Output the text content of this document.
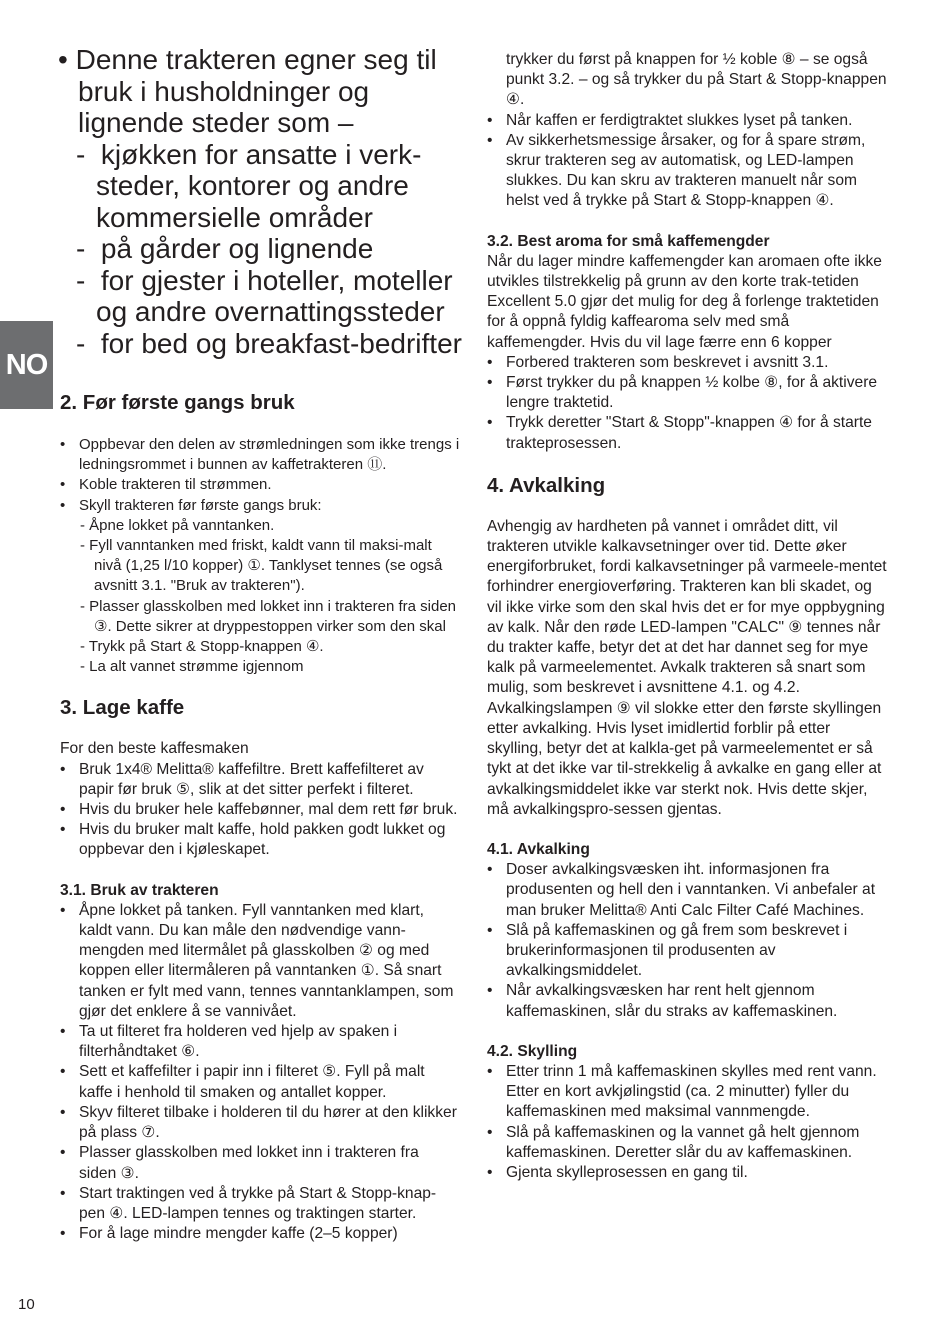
NO
10
• Denne trakteren egner seg til bruk i husholdninger og lignende steder som –
-  kjøkken for ansatte i verk-steder, kontorer og andre kommersielle områder
-  på gårder og lignende
-  for gjester i hoteller, moteller og andre overnattingssteder
-  for bed og breakfast-bedrifter
2. Før første gangs bruk
• Oppbevar den delen av strømledningen som ikke trengs i ledningsrommet i bunnen av kaffetrakteren ⑪.
• Koble trakteren til strømmen.
• Skyll trakteren før første gangs bruk:
- Åpne lokket på vanntanken.
- Fyll vanntanken med friskt, kaldt vann til maksi-malt nivå (1,25 l/10 kopper) ①. Tanklyset tennes (se også avsnitt 3.1. "Bruk av trakteren").
- Plasser glasskolben med lokket inn i trakteren fra siden ③. Dette sikrer at dryppestoppen virker som den skal
- Trykk på Start & Stopp-knappen ④.
- La alt vannet strømme igjennom
3. Lage kaffe

For den beste kaffesmaken

• Bruk 1x4® Melitta® kaffefiltre. Brett kaffefilteret av papir før bruk ⑤, slik at det sitter perfekt i filteret.
• Hvis du bruker hele kaffebønner, mal dem rett før bruk.
• Hvis du bruker malt kaffe, hold pakken godt lukket og oppbevar den i kjøleskapet.
3.1. Bruk av trakteren
• Åpne lokket på tanken. Fyll vanntanken med klart, kaldt vann. Du kan måle den nødvendige vann-mengden med litermålet på glasskolben ② og med koppen eller litermåleren på vanntanken ①. Så snart tanken er fylt med vann, tennes vanntanklampen, som gjør det enklere å se vannivået.
• Ta ut filteret fra holderen ved hjelp av spaken i filterhåndtaket ⑥.
• Sett et kaffefilter i papir inn i filteret ⑤. Fyll på malt kaffe i henhold til smaken og antallet kopper.
• Skyv filteret tilbake i holderen til du hører at den klikker på plass ⑦.
• Plasser glasskolben med lokket inn i trakteren fra siden ③.
• Start traktingen ved å trykke på Start & Stopp-knap-pen ④. LED-lampen tennes og traktingen starter.
• For å lage mindre mengder kaffe (2–5 kopper)

trykker du først på knappen for ½ koble ⑧ – se også punkt 3.2. – og så trykker du på Start & Stopp-knappen ④.

• Når kaffen er ferdigtraktet slukkes lyset på tanken.
• Av sikkerhetsmessige årsaker, og for å spare strøm, skrur trakteren seg av automatisk, og LED-lampen slukkes. Du kan skru av trakteren manuelt når som helst ved å trykke på Start & Stopp-knappen ④.
3.2. Best aroma for små kaffemengder

Når du lager mindre kaffemengder kan aromaen ofte ikke utvikles tilstrekkelig på grunn av den korte trak-tetiden Excellent 5.0 gjør det mulig for deg å forlenge traktetiden for å oppnå fyldig kaffearoma selv med små kaffemengder. Hvis du vil lage færre enn 6 kopper

• Forbered trakteren som beskrevet i avsnitt 3.1.
• Først trykker du på knappen ½ kolbe ⑧, for å aktivere lengre traktetid.
• Trykk deretter "Start & Stopp"-knappen ④ for å starte trakteprosessen.
4. Avkalking

Avhengig av hardheten på vannet i området ditt, vil trakteren utvikle kalkavsetninger over tid. Dette øker energiforbruket, fordi kalkavsetninger på varmeele-mentet forhindrer energioverføring. Trakteren kan bli skadet, og vil ikke virke som den skal hvis det er for mye oppbygning av kalk. Når den røde LED-lampen "CALC" ⑨ tennes når du trakter kaffe, betyr det at det har dannet seg for mye kalk på varmeelementet. Avkalk trakteren så snart som mulig, som beskrevet i avsnittene 4.1. og 4.2. Avkalkingslampen ⑨ vil slokke etter den første skyllingen etter avkalking. Hvis lyset imidlertid forblir på etter skylling, betyr det at kalkla-get på varmeelementet er så tykt at det ikke var til-strekkelig å avkalke en gang eller at avkalkingsmiddelet ikke var sterkt nok. Hvis dette skjer, må avkalkingspro-sessen gjentas.

4.1. Avkalking
• Doser avkalkingsvæsken iht. informasjonen fra produsenten og hell den i vanntanken. Vi anbefaler at man bruker Melitta® Anti Calc Filter Café Machines.
• Slå på kaffemaskinen og gå frem som beskrevet i brukerinformasjonen til produsenten av avkalkingsmiddelet.
• Når avkalkingsvæsken har rent helt gjennom kaffemaskinen, slår du straks av kaffemaskinen.
4.2. Skylling
• Etter trinn 1 må kaffemaskinen skylles med rent vann. Etter en kort avkjølingstid (ca. 2 minutter) fyller du kaffemaskinen med maksimal vannmengde.
• Slå på kaffemaskinen og la vannet gå helt gjennom kaffemaskinen. Deretter slår du av kaffemaskinen.
• Gjenta skylleprosessen en gang til.
